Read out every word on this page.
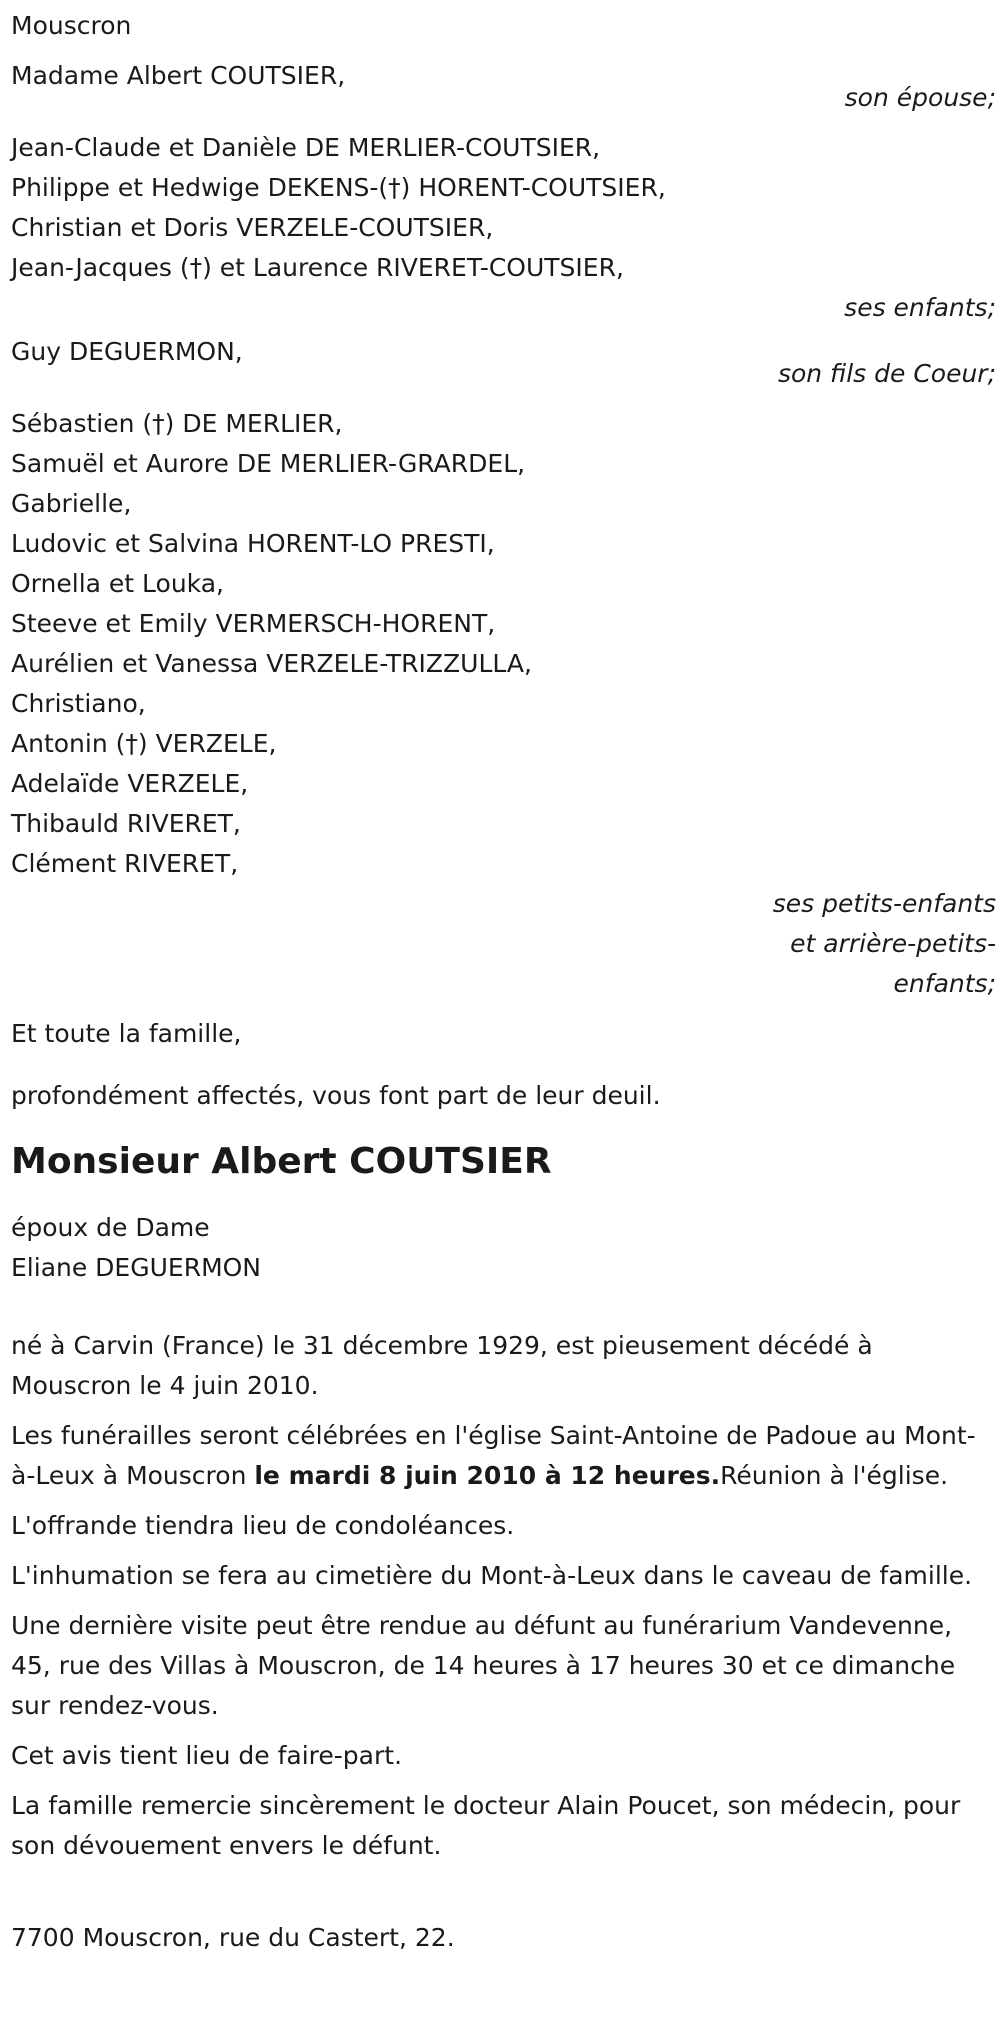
Mouscron
Madame Albert COUTSIER,
son épouse;
Jean-Claude et Danièle DE MERLIER-COUTSIER,
Philippe et Hedwige DEKENS-(†) HORENT-COUTSIER,
Christian et Doris VERZELE-COUTSIER,
Jean-Jacques (†) et Laurence RIVERET-COUTSIER,
ses enfants;
Guy DEGUERMON,
son fils de Coeur;
Sébastien (†) DE MERLIER,
Samuël et Aurore DE MERLIER-GRARDEL,
Gabrielle,
Ludovic et Salvina HORENT-LO PRESTI,
Ornella et Louka,
Steeve et Emily VERMERSCH-HORENT,
Aurélien et Vanessa VERZELE-TRIZZULLA,
Christiano,
Antonin (†) VERZELE,
Adelaïde VERZELE,
Thibauld RIVERET,
Clément RIVERET,
ses petits-enfants
et arrière-petits-
enfants;
Et toute la famille,
profondément affectés, vous font part de leur deuil.
Monsieur Albert COUTSIER
époux de Dame
Eliane DEGUERMON

né à Carvin (France) le 31 décembre 1929, est pieusement décédé à Mouscron le 4 juin 2010.

Les funérailles seront célébrées en l'église Saint-Antoine de Padoue au Mont-à-Leux à Mouscron le mardi 8 juin 2010 à 12 heures.Réunion à l'église.

L'offrande tiendra lieu de condoléances.

L'inhumation se fera au cimetière du Mont-à-Leux dans le caveau de famille.

Une dernière visite peut être rendue au défunt au funérarium Vandevenne, 45, rue des Villas à Mouscron, de 14 heures à 17 heures 30 et ce dimanche sur rendez-vous.

Cet avis tient lieu de faire-part.

La famille remercie sincèrement le docteur Alain Poucet, son médecin, pour son dévouement envers le défunt.

7700 Mouscron, rue du Castert, 22.
